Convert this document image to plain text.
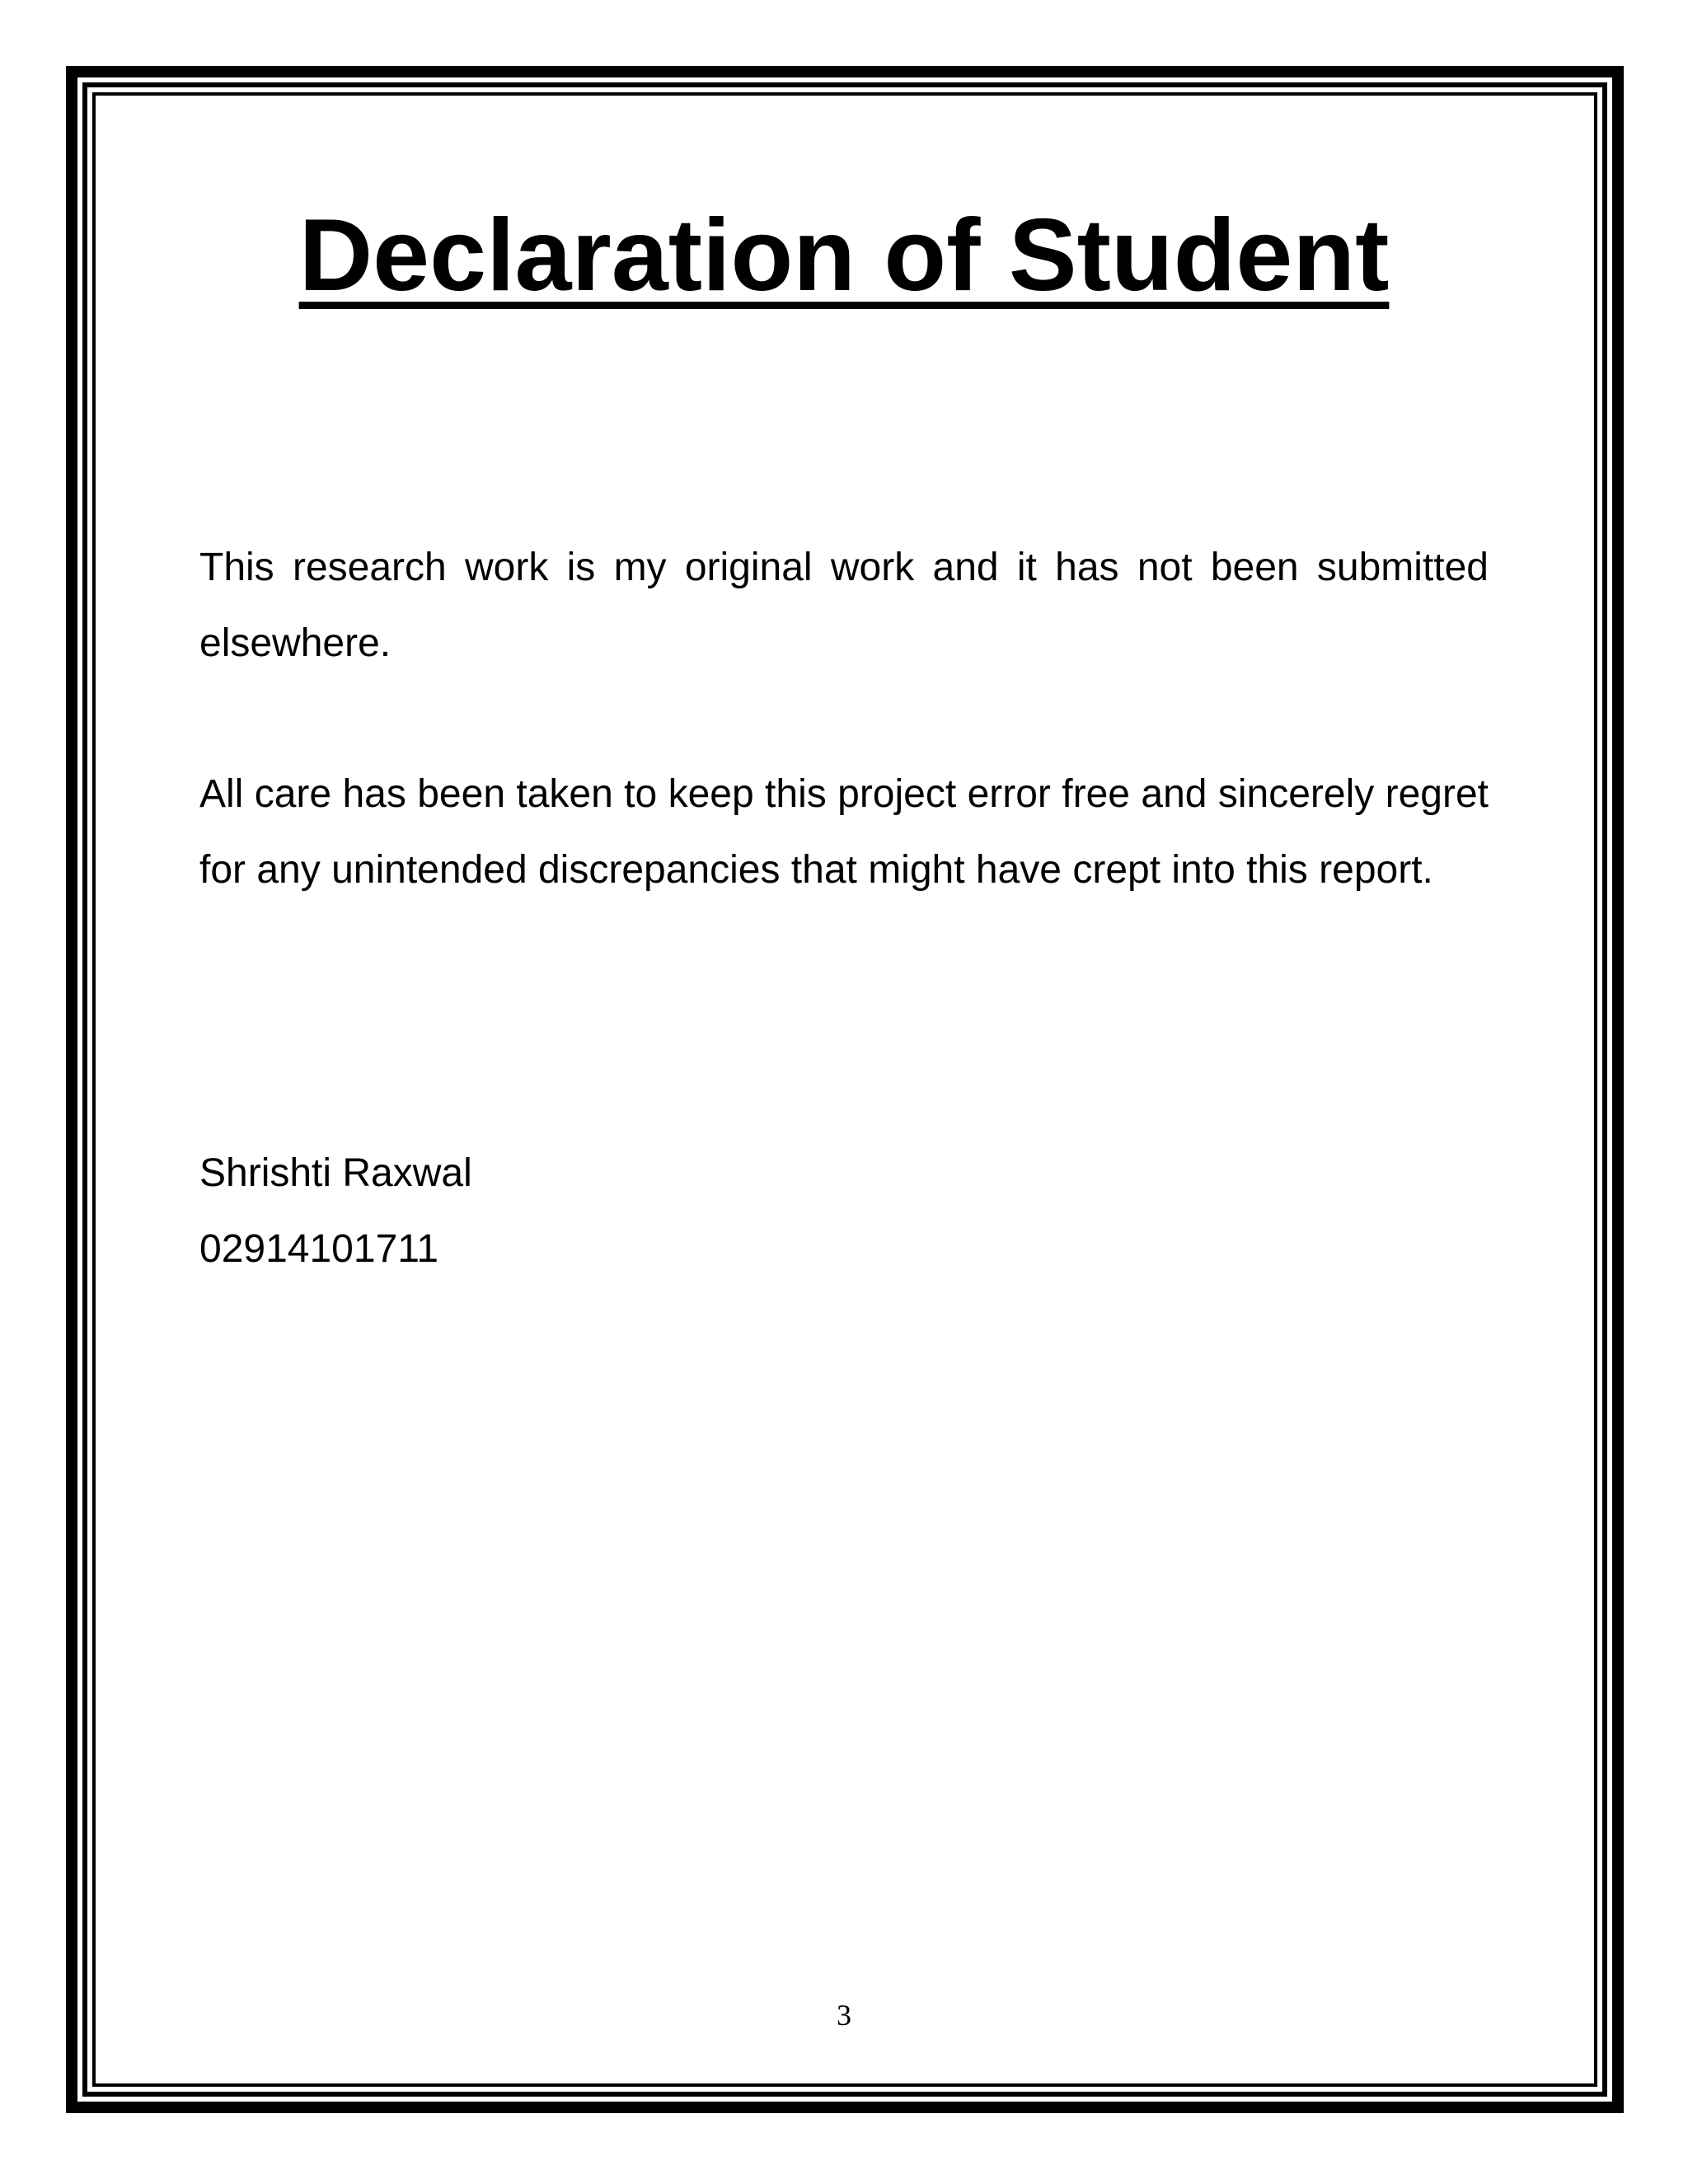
Declaration of Student

This research work is my original work and it has not been submitted elsewhere.

All care has been taken to keep this project error free and sincerely regret for any unintended discrepancies that might have crept into this report.

Shrishti Raxwal

02914101711

3
